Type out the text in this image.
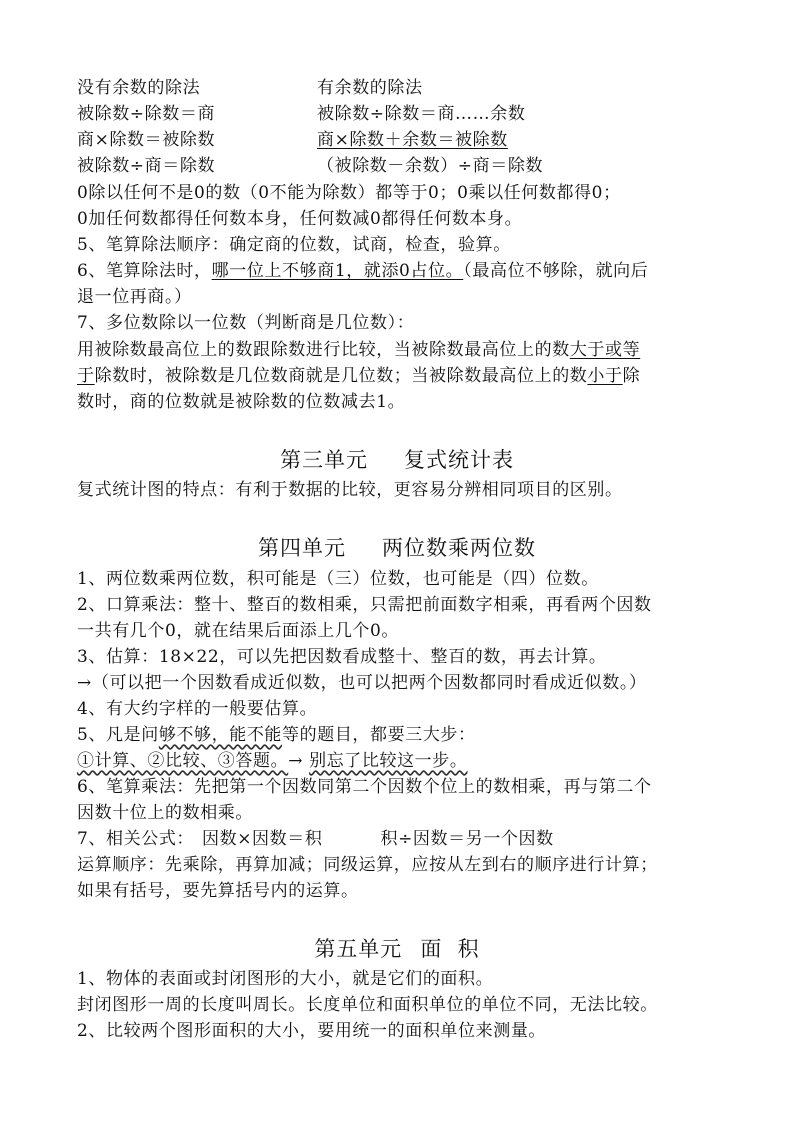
没有余数的除法	有余数的除法
被除数÷除数＝商	被除数÷除数＝商……余数
商×除数＝被除数	商×除数＋余数＝被除数
被除数÷商＝除数	（被除数－余数）÷商＝除数
0除以任何不是0的数（0不能为除数）都等于0；0乘以任何数都得0；
0加任何数都得任何数本身，任何数减0都得任何数本身。
5、笔算除法顺序：确定商的位数，试商，检查，验算。
6、笔算除法时，哪一位上不够商1，就添0占位。（最高位不够除，就向后
退一位再商。）
7、多位数除以一位数（判断商是几位数）：
用被除数最高位上的数跟除数进行比较，当被除数最高位上的数大于或等
于除数时，被除数是几位数商就是几位数；当被除数最高位上的数小于除
数时，商的位数就是被除数的位数减去1。
第三单元 复式统计表
复式统计图的特点：有利于数据的比较，更容易分辨相同项目的区别。
第四单元 两位数乘两位数
1、两位数乘两位数，积可能是（三）位数，也可能是（四）位数。
2、口算乘法：整十、整百的数相乘，只需把前面数字相乘，再看两个因数
一共有几个0，就在结果后面添上几个0。
3、估算：18×22，可以先把因数看成整十、整百的数，再去计算。
→（可以把一个因数看成近似数，也可以把两个因数都同时看成近似数。）
4、有大约字样的一般要估算。
5、凡是问够不够，能不能等的题目，都要三大步：
①计算、②比较、③答题。→ 别忘了比较这一步。
6、笔算乘法：先把第一个因数同第二个因数个位上的数相乘，再与第二个
因数十位上的数相乘。
7、相关公式： 因数×因数＝积	积÷因数＝另一个因数
运算顺序：先乘除，再算加减；同级运算，应按从左到右的顺序进行计算；
如果有括号，要先算括号内的运算。
第五单元 面  积
1、物体的表面或封闭图形的大小，就是它们的面积。
封闭图形一周的长度叫周长。长度单位和面积单位的单位不同，无法比较。
2、比较两个图形面积的大小，要用统一的面积单位来测量。
